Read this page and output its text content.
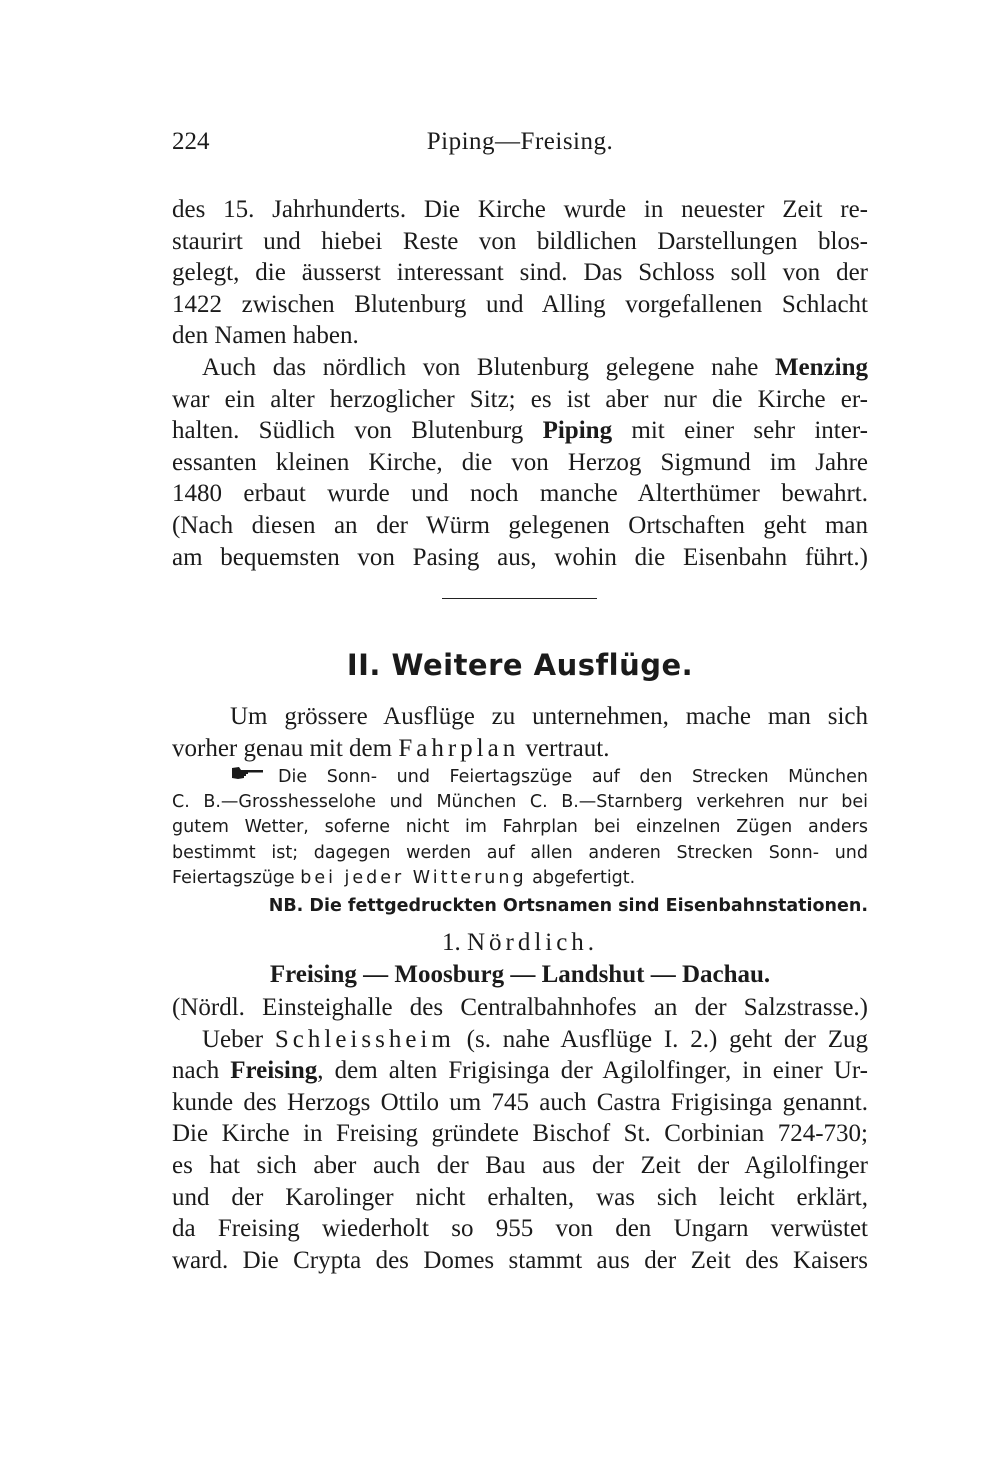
224	Piping—Freising.
des 15. Jahrhunderts. Die Kirche wurde in neuester Zeit re-
staurirt und hiebei Reste von bildlichen Darstellungen blos-
gelegt, die äusserst interessant sind. Das Schloss soll von der
1422 zwischen Blutenburg und Alling vorgefallenen Schlacht
den Namen haben.
Auch das nördlich von Blutenburg gelegene nahe Menzing
war ein alter herzoglicher Sitz; es ist aber nur die Kirche er-
halten. Südlich von Blutenburg Piping mit einer sehr inter-
essanten kleinen Kirche, die von Herzog Sigmund im Jahre
1480 erbaut wurde und noch manche Alterthümer bewahrt.
(Nach diesen an der Würm gelegenen Ortschaften geht man
am bequemsten von Pasing aus, wohin die Eisenbahn führt.)
II. Weitere Ausflüge.
Um grössere Ausflüge zu unternehmen, mache man sich
vorher genau mit dem Fahrplan vertraut.
Die Sonn- und Feiertagszüge auf den Strecken München
C. B.—Grosshesselohe und München C. B.—Starnberg verkehren nur bei
gutem Wetter, soferne nicht im Fahrplan bei einzelnen Zügen anders
bestimmt ist; dagegen werden auf allen anderen Strecken Sonn- und
Feiertagszüge bei jeder Witterung abgefertigt.
NB. Die fettgedruckten Ortsnamen sind Eisenbahnstationen.
1. Nördlich.
Freising — Moosburg — Landshut — Dachau.
(Nördl. Einsteighalle des Centralbahnhofes an der Salzstrasse.)
Ueber Schleissheim (s. nahe Ausflüge I. 2.) geht der Zug
nach Freising, dem alten Frigisinga der Agilolfinger, in einer Ur-
kunde des Herzogs Ottilo um 745 auch Castra Frigisinga genannt.
Die Kirche in Freising gründete Bischof St. Corbinian 724-730;
es hat sich aber auch der Bau aus der Zeit der Agilolfinger
und der Karolinger nicht erhalten, was sich leicht erklärt,
da Freising wiederholt so 955 von den Ungarn verwüstet
ward. Die Crypta des Domes stammt aus der Zeit des Kaisers
